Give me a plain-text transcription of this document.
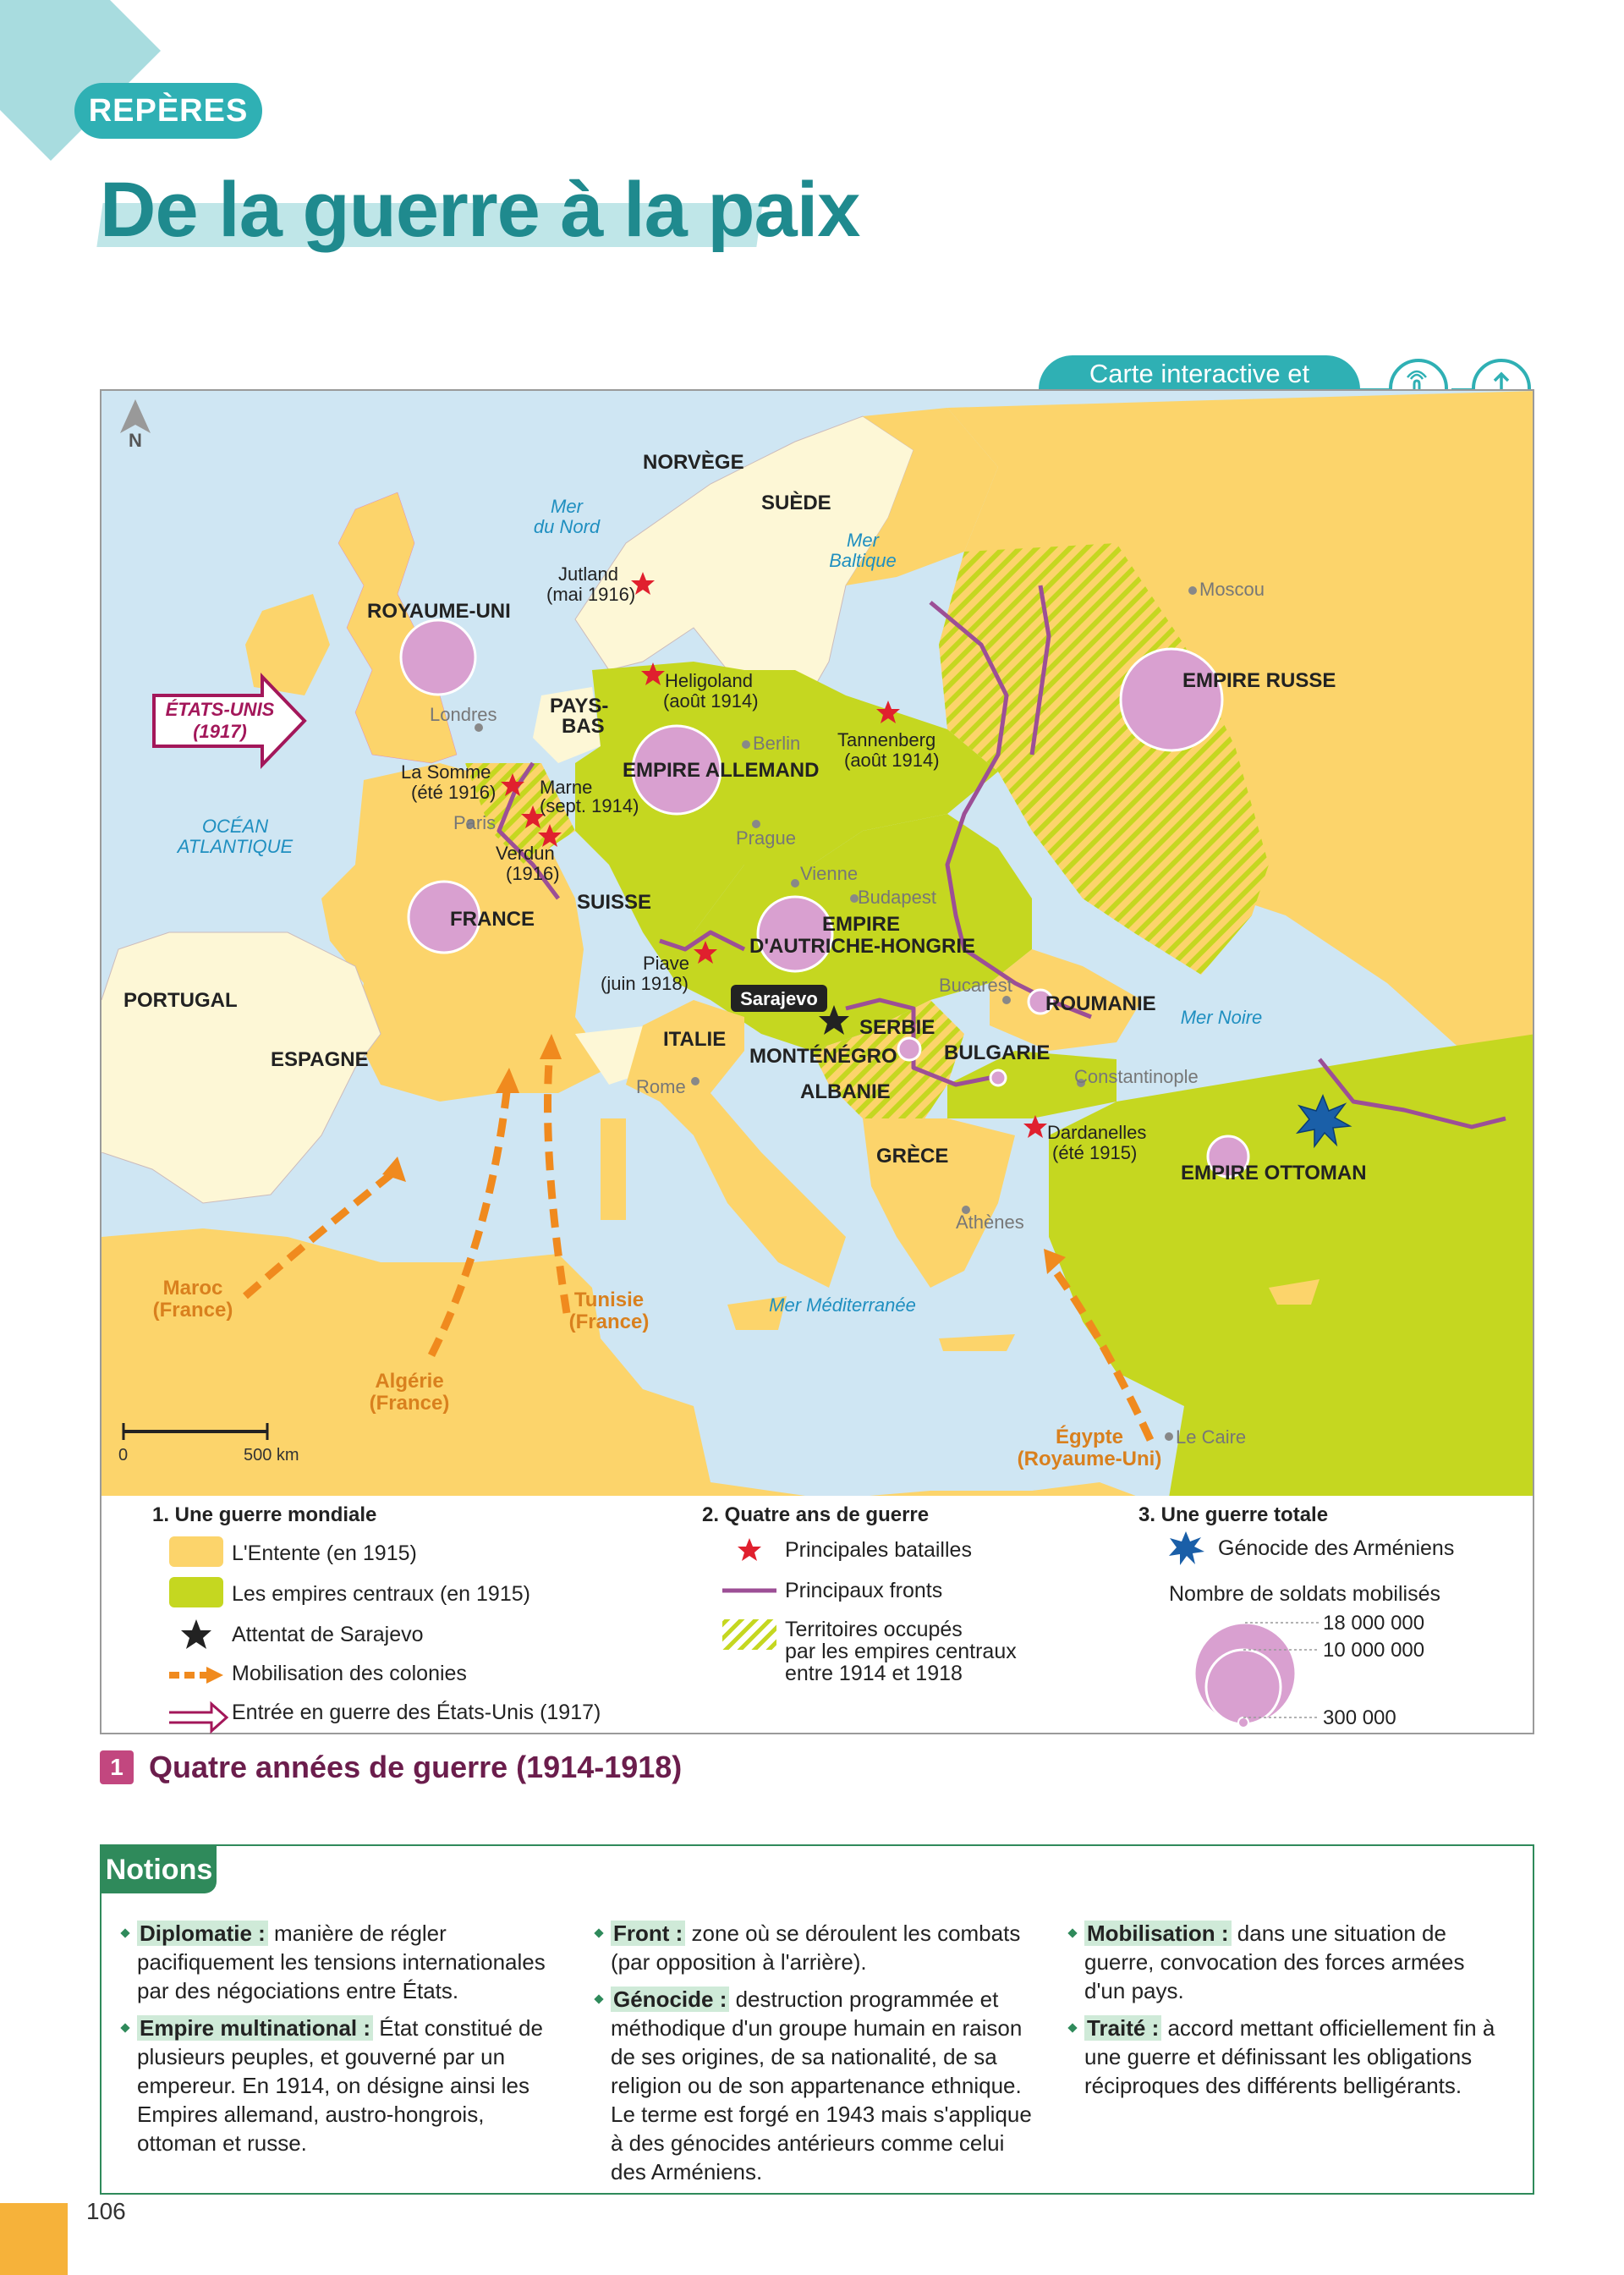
REPÈRES
De la guerre à la paix
Carte interactive et
N
0	500 km
NORVÈGE
SUÈDE
ROYAUME-UNI
PAYS-
BAS
EMPIRE ALLEMAND
EMPIRE RUSSE
FRANCE
SUISSE
EMPIRE
D'AUTRICHE-HONGRIE
PORTUGAL
ESPAGNE
ITALIE
SERBIE
MONTÉNÉGRO
ALBANIE
ROUMANIE
BULGARIE
GRÈCE
EMPIRE OTTOMAN
ÉTATS-UNIS
(1917)
Mer
du Nord
Mer
Baltique
OCÉAN
ATLANTIQUE
Mer Noire
Mer Méditerranée
Moscou
Londres
Berlin
Paris
Prague
Vienne
Budapest
Bucarest
Rome	Constantinople
Athènes
Le Caire
Sarajevo
Jutland
(mai 1916)
Heligoland
(août 1914)
Tannenberg
(août 1914)
La Somme
(été 1916) Marne
(sept. 1914)
Verdun
(1916)
Piave
(juin 1918)
Dardanelles
(été 1915)
Maroc
(France)
Algérie
(France)
Tunisie
(France)
Égypte
(Royaume-Uni)
1. Une guerre mondiale
L'Entente (en 1915)
Les empires centraux (en 1915)
Attentat de Sarajevo
Mobilisation des colonies
Entrée en guerre des États-Unis (1917)
2. Quatre ans de guerre
Principales batailles
Principaux fronts
Territoires occupés
par les empires centraux
entre 1914 et 1918
3. Une guerre totale
Génocide des Arméniens
Nombre de soldats mobilisés
18 000 000
10 000 000
300 000
1 Quatre années de guerre (1914-1918)
Notions
Diplomatie : manière de régler pacifiquement les tensions internationales par des négociations entre États.
Empire multinational : État constitué de plusieurs peuples, et gouverné par un empereur. En 1914, on désigne ainsi les Empires allemand, austro-hongrois, ottoman et russe.
Front : zone où se déroulent les combats (par opposition à l'arrière).
Génocide : destruction programmée et méthodique d'un groupe humain en raison de ses origines, de sa nationalité, de sa religion ou de son appartenance ethnique. Le terme est forgé en 1943 mais s'applique à des génocides antérieurs comme celui des Arméniens.
Mobilisation : dans une situation de guerre, convocation des forces armées d'un pays.
Traité : accord mettant officiellement fin à une guerre et définissant les obligations réciproques des différents belligérants.
106
